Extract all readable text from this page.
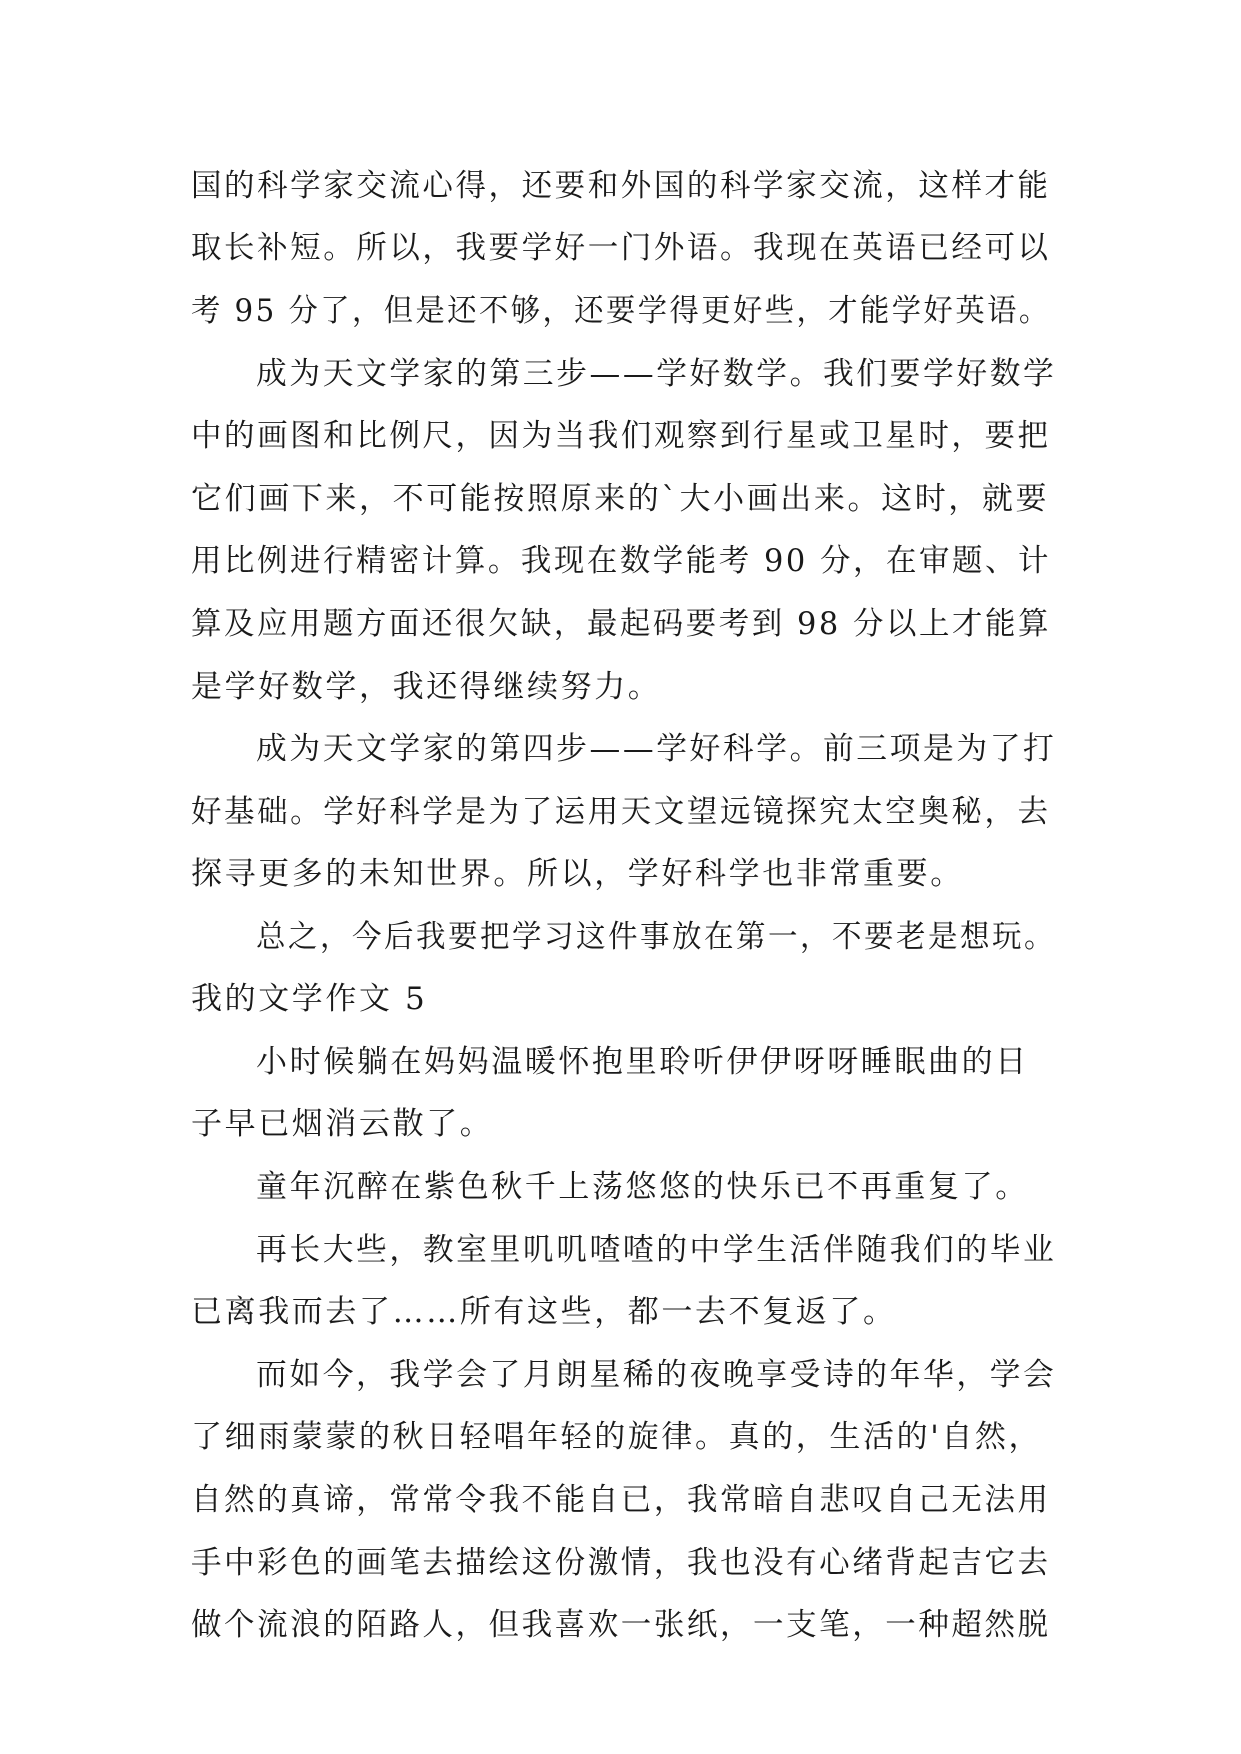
国的科学家交流心得，还要和外国的科学家交流，这样才能
取长补短。所以，我要学好一门外语。我现在英语已经可以
考 95 分了，但是还不够，还要学得更好些，才能学好英语。
成为天文学家的第三步——学好数学。我们要学好数学
中的画图和比例尺，因为当我们观察到行星或卫星时，要把
它们画下来，不可能按照原来的`大小画出来。这时，就要
用比例进行精密计算。我现在数学能考 90 分，在审题、计
算及应用题方面还很欠缺，最起码要考到 98 分以上才能算
是学好数学，我还得继续努力。
成为天文学家的第四步——学好科学。前三项是为了打
好基础。学好科学是为了运用天文望远镜探究太空奥秘，去
探寻更多的未知世界。所以，学好科学也非常重要。
总之，今后我要把学习这件事放在第一，不要老是想玩。
我的文学作文 5
小时候躺在妈妈温暖怀抱里聆听伊伊呀呀睡眠曲的日
子早已烟消云散了。
童年沉醉在紫色秋千上荡悠悠的快乐已不再重复了。
再长大些，教室里叽叽喳喳的中学生活伴随我们的毕业
已离我而去了……所有这些，都一去不复返了。
而如今，我学会了月朗星稀的夜晚享受诗的年华，学会
了细雨蒙蒙的秋日轻唱年轻的旋律。真的，生活的'自然，
自然的真谛，常常令我不能自已，我常暗自悲叹自己无法用
手中彩色的画笔去描绘这份激情，我也没有心绪背起吉它去
做个流浪的陌路人，但我喜欢一张纸，一支笔，一种超然脱
